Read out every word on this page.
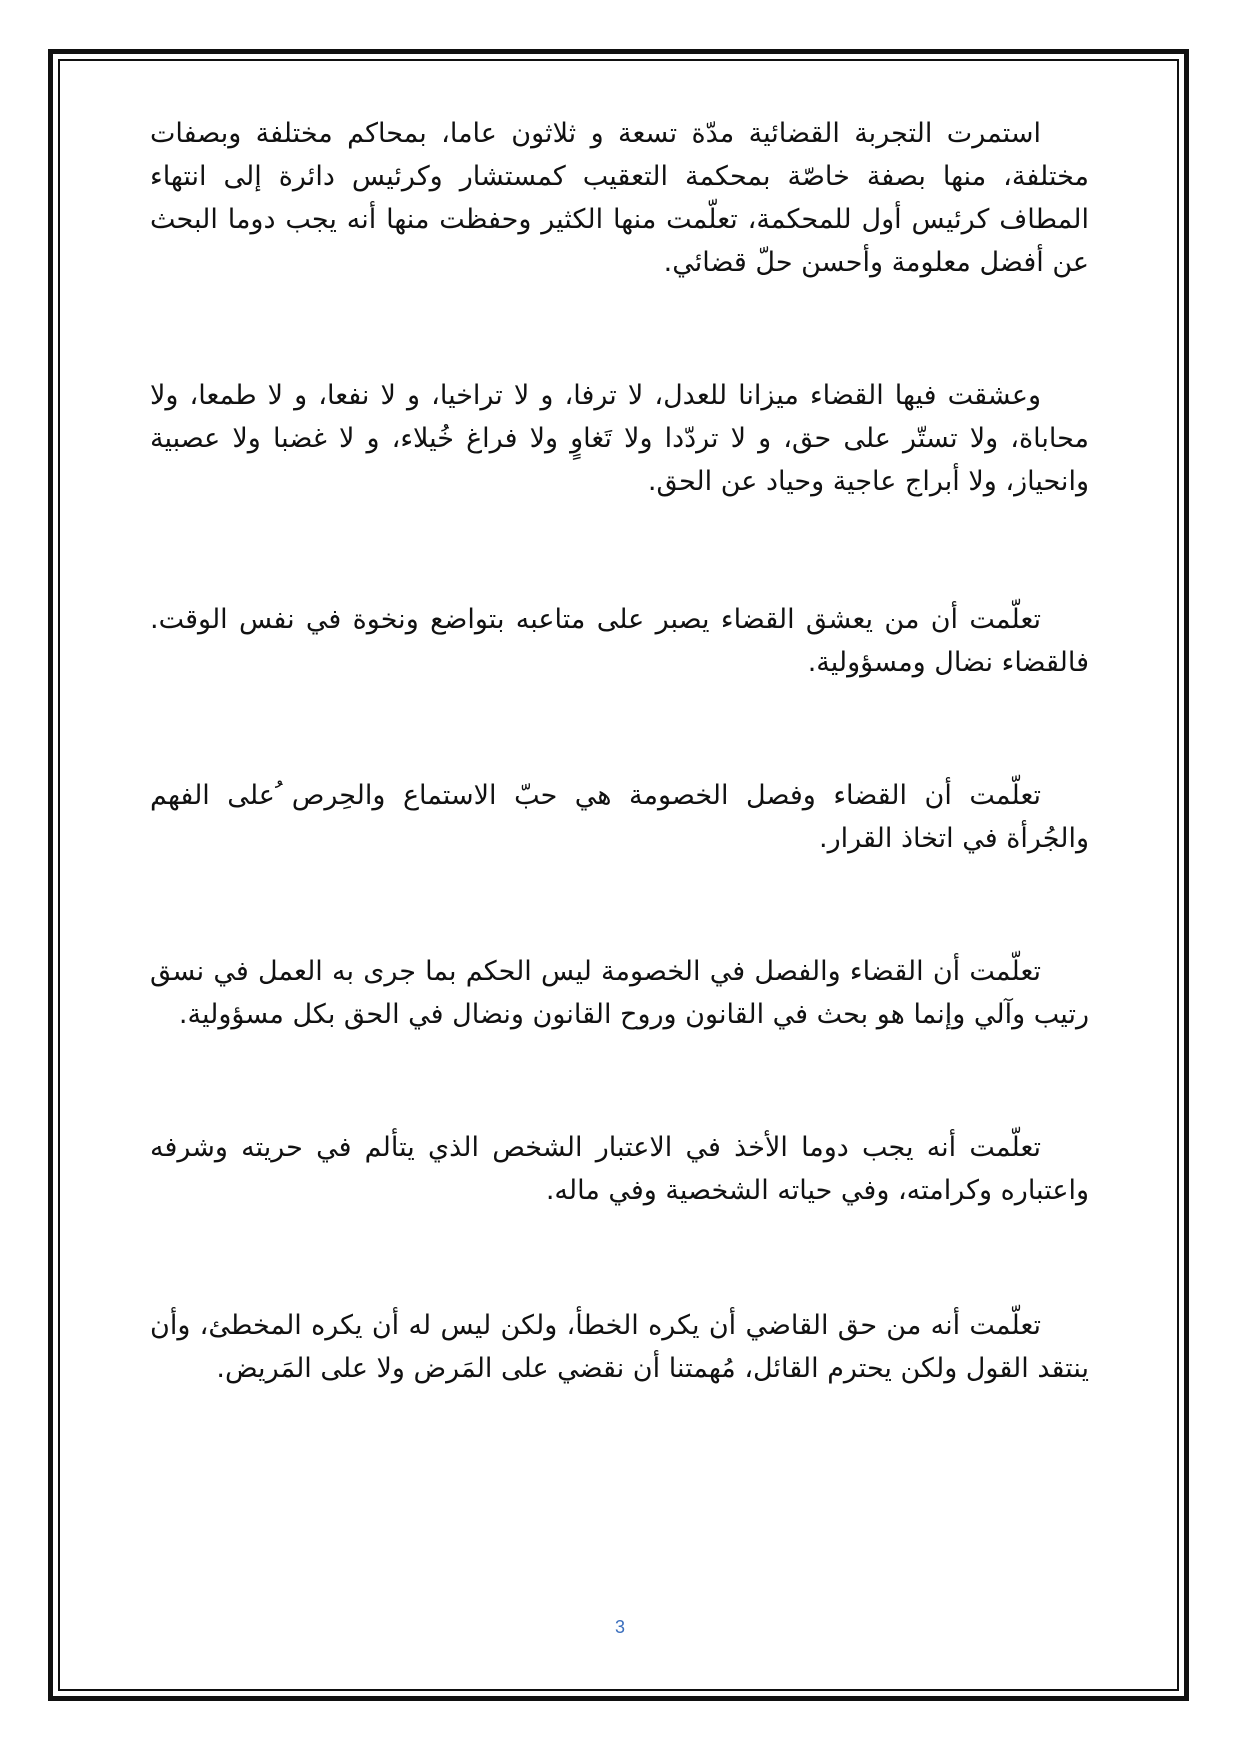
استمرت التجربة القضائية مدّة تسعة و ثلاثون عاما، بمحاكم مختلفة وبصفات مختلفة، منها بصفة خاصّة بمحكمة التعقيب كمستشار وكرئيس دائرة إلى انتهاء المطاف كرئيس أول للمحكمة، تعلّمت منها الكثير وحفظت منها أنه يجب دوما البحث عن أفضل معلومة وأحسن حلّ قضائي.

وعشقت فيها القضاء ميزانا للعدل، لا ترفا، و لا تراخيا، و لا نفعا، و لا طمعا، ولا محاباة، ولا تستّر على حق، و لا تردّدا ولا تَغاوٍ ولا فراغ خُيلاء، و لا غضبا ولا عصبية وانحياز، ولا أبراج عاجية وحياد عن الحق.

تعلّمت أن من يعشق القضاء يصبر على متاعبه بتواضع ونخوة في نفس الوقت. فالقضاء نضال ومسؤولية.

تعلّمت أن القضاء وفصل الخصومة هي حبّ الاستماع والحِرص ُعلى الفهم والجُرأة في اتخاذ القرار.

تعلّمت أن القضاء والفصل في الخصومة ليس الحكم بما جرى به العمل في نسق رتيب وآلي وإنما هو بحث في القانون وروح القانون ونضال في الحق بكل مسؤولية.

تعلّمت أنه يجب دوما الأخذ في الاعتبار الشخص الذي يتألم في حريته وشرفه واعتباره وكرامته، وفي حياته الشخصية وفي ماله.

تعلّمت أنه من حق القاضي أن يكره الخطأ، ولكن ليس له أن يكره المخطئ، وأن ينتقد القول ولكن يحترم القائل، مُهمتنا أن نقضي على المَرض ولا على المَريض.

3
